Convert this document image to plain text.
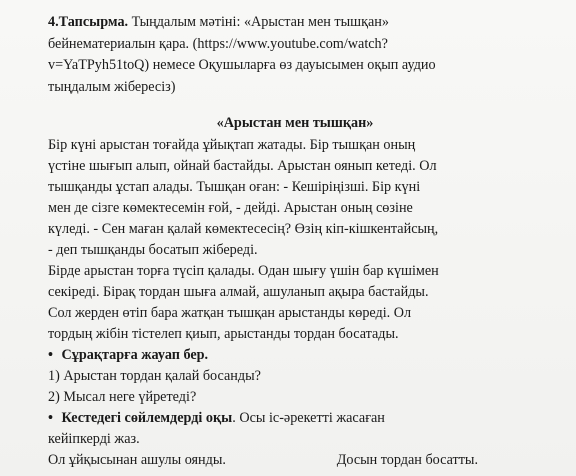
4.Тапсырма. Тыңдалым мәтіні: «Арыстан мен тышқан»
бейнематериалын қара. (https://www.youtube.com/watch?
v=YaTPyh51toQ) немесе Оқушыларға өз дауысымен оқып аудио
тыңдалым жібересіз)
«Арыстан мен тышқан»
Бір күні арыстан тоғайда ұйықтап жатады. Бір тышқан оның
үстіне шығып алып, ойнай бастайды. Арыстан оянып кетеді. Ол
тышқанды ұстап алады. Тышқан оған: - Кешіріңізші. Бір күні
мен де сізге көмектесемін ғой, - дейді. Арыстан оның сөзіне
күледі. - Сен маған қалай көмектесесің? Өзің кіп-кішкентайсың,
- деп тышқанды босатып жібереді.
Бірде арыстан торға түсіп қалады. Одан шығу үшін бар күшімен
секіреді. Бірақ тордан шыға алмай, ашуланып ақыра бастайды.
Сол жерден өтіп бара жатқан тышқан арыстанды көреді. Ол
тордың жібін тістелеп қиып, арыстанды тордан босатады.
• Сұрақтарға жауап бер.
1) Арыстан тордан қалай босанды?
2) Мысал неге үйретеді?
• Кестедегі сөйлемдерді оқы. Осы іс-әрекетті жасаған
кейіпкерді жаз.
Ол ұйқысынан ашулы оянды.	Досын тордан босатты.
